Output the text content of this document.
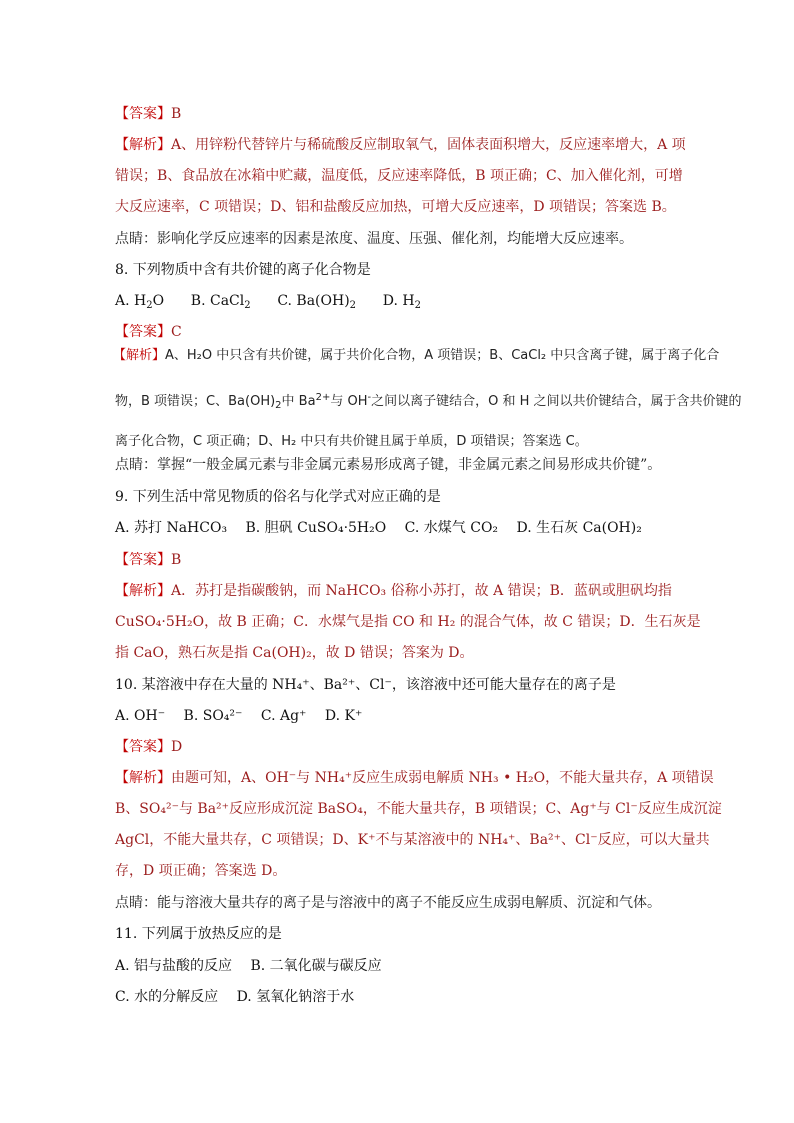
【答案】B
【解析】A、用锌粉代替锌片与稀硫酸反应制取氧气，固体表面积增大，反应速率增大，A 项
错误；B、食品放在冰箱中贮藏，温度低，反应速率降低，B 项正确；C、加入催化剂，可增
大反应速率，C 项错误；D、铝和盐酸反应加热，可增大反应速率，D 项错误；答案选 B。
点睛：影响化学反应速率的因素是浓度、温度、压强、催化剂，均能增大反应速率。
8. 下列物质中含有共价键的离子化合物是
A. $H_2O$ B. CaCl$_2$ C. $Ba(OH)_2$ D. $H_2$
【答案】C
【解析】A、H₂O 中只含有共价键，属于共价化合物，A 项错误；B、CaCl₂ 中只含离子键，属于离子化合
物，B 项错误；C、$Ba(OH)_2$中 $Ba^{2+}$与 OH-之间以离子键结合，O 和 H 之间以共价键结合，属于含共价键的
离子化合物，C 项正确；D、H₂ 中只有共价键且属于单质，D 项错误；答案选 C。
点睛：掌握“一般金属元素与非金属元素易形成离子键，非金属元素之间易形成共价键”。
9. 下列生活中常见物质的俗名与化学式对应正确的是
A. 苏打 NaHCO₃　 B. 胆矾 CuSO₄·5H₂O　 C. 水煤气 CO₂　 D. 生石灰 Ca(OH)₂
【答案】B
【解析】A．苏打是指碳酸钠，而 NaHCO₃ 俗称小苏打，故 A 错误；B．蓝矾或胆矾均指
CuSO₄·5H₂O，故 B 正确；C．水煤气是指 CO 和 H₂ 的混合气体，故 C 错误；D．生石灰是
指 CaO，熟石灰是指 Ca(OH)₂，故 D 错误；答案为 D。
10. 某溶液中存在大量的 NH₄⁺、Ba²⁺、Cl⁻，该溶液中还可能大量存在的离子是
A. OH⁻　 B. SO₄²⁻　 C. Ag⁺　 D. K⁺
【答案】D
【解析】由题可知，A、OH⁻与 NH₄⁺反应生成弱电解质 NH₃ • H₂O，不能大量共存，A 项错误
B、SO₄²⁻与 Ba²⁺反应形成沉淀 BaSO₄，不能大量共存，B 项错误；C、Ag⁺与 Cl⁻反应生成沉淀
AgCl，不能大量共存，C 项错误；D、K⁺不与某溶液中的 NH₄⁺、Ba²⁺、Cl⁻反应，可以大量共
存，D 项正确；答案选 D。
点睛：能与溶液大量共存的离子是与溶液中的离子不能反应生成弱电解质、沉淀和气体。
11. 下列属于放热反应的是
A. 铝与盐酸的反应　 B. 二氧化碳与碳反应
C. 水的分解反应　 D. 氢氧化钠溶于水
